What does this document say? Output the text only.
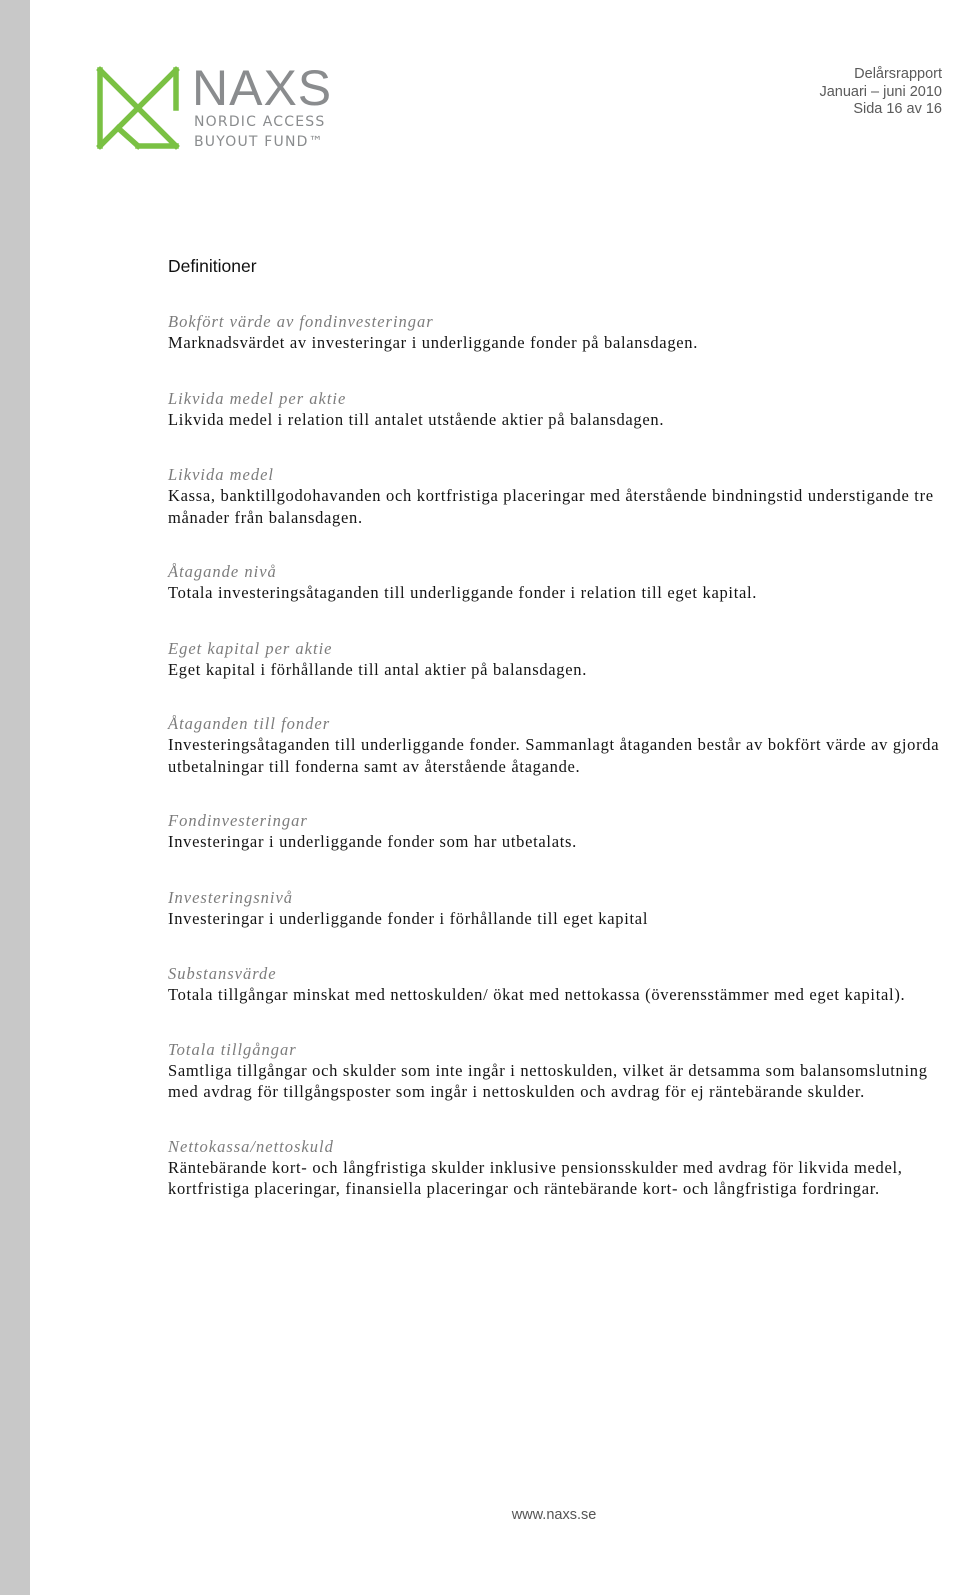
NAXS
NORDIC ACCESS
BUYOUT FUND™
Delårsrapport
Januari – juni 2010
Sida 16 av 16
Definitioner
Bokfört värde av fondinvesteringar
Marknadsvärdet av investeringar i underliggande fonder på balansdagen.
Likvida medel per aktie
Likvida medel i relation till antalet utstående aktier på balansdagen.
Likvida medel
Kassa, banktillgodohavanden och kortfristiga placeringar med återstående bindningstid understigande tre månader från balansdagen.
Åtagande nivå
Totala investeringsåtaganden till underliggande fonder i relation till eget kapital.
Eget kapital per aktie
Eget kapital i förhållande till antal aktier på balansdagen.
Åtaganden till fonder
Investeringsåtaganden till underliggande fonder. Sammanlagt åtaganden består av bokfört värde av gjorda utbetalningar till fonderna samt av återstående åtagande.
Fondinvesteringar
Investeringar i underliggande fonder som har utbetalats.
Investeringsnivå
Investeringar i underliggande fonder i förhållande till eget kapital
Substansvärde
Totala tillgångar minskat med nettoskulden/ ökat med nettokassa (överensstämmer med eget kapital).
Totala tillgångar
Samtliga tillgångar och skulder som inte ingår i nettoskulden, vilket är detsamma som balansomslutning med avdrag för tillgångsposter som ingår i nettoskulden och avdrag för ej räntebärande skulder.
Nettokassa/nettoskuld
Räntebärande kort- och långfristiga skulder inklusive pensionsskulder med avdrag för likvida medel, kortfristiga placeringar, finansiella placeringar och räntebärande kort- och långfristiga fordringar.
www.naxs.se
